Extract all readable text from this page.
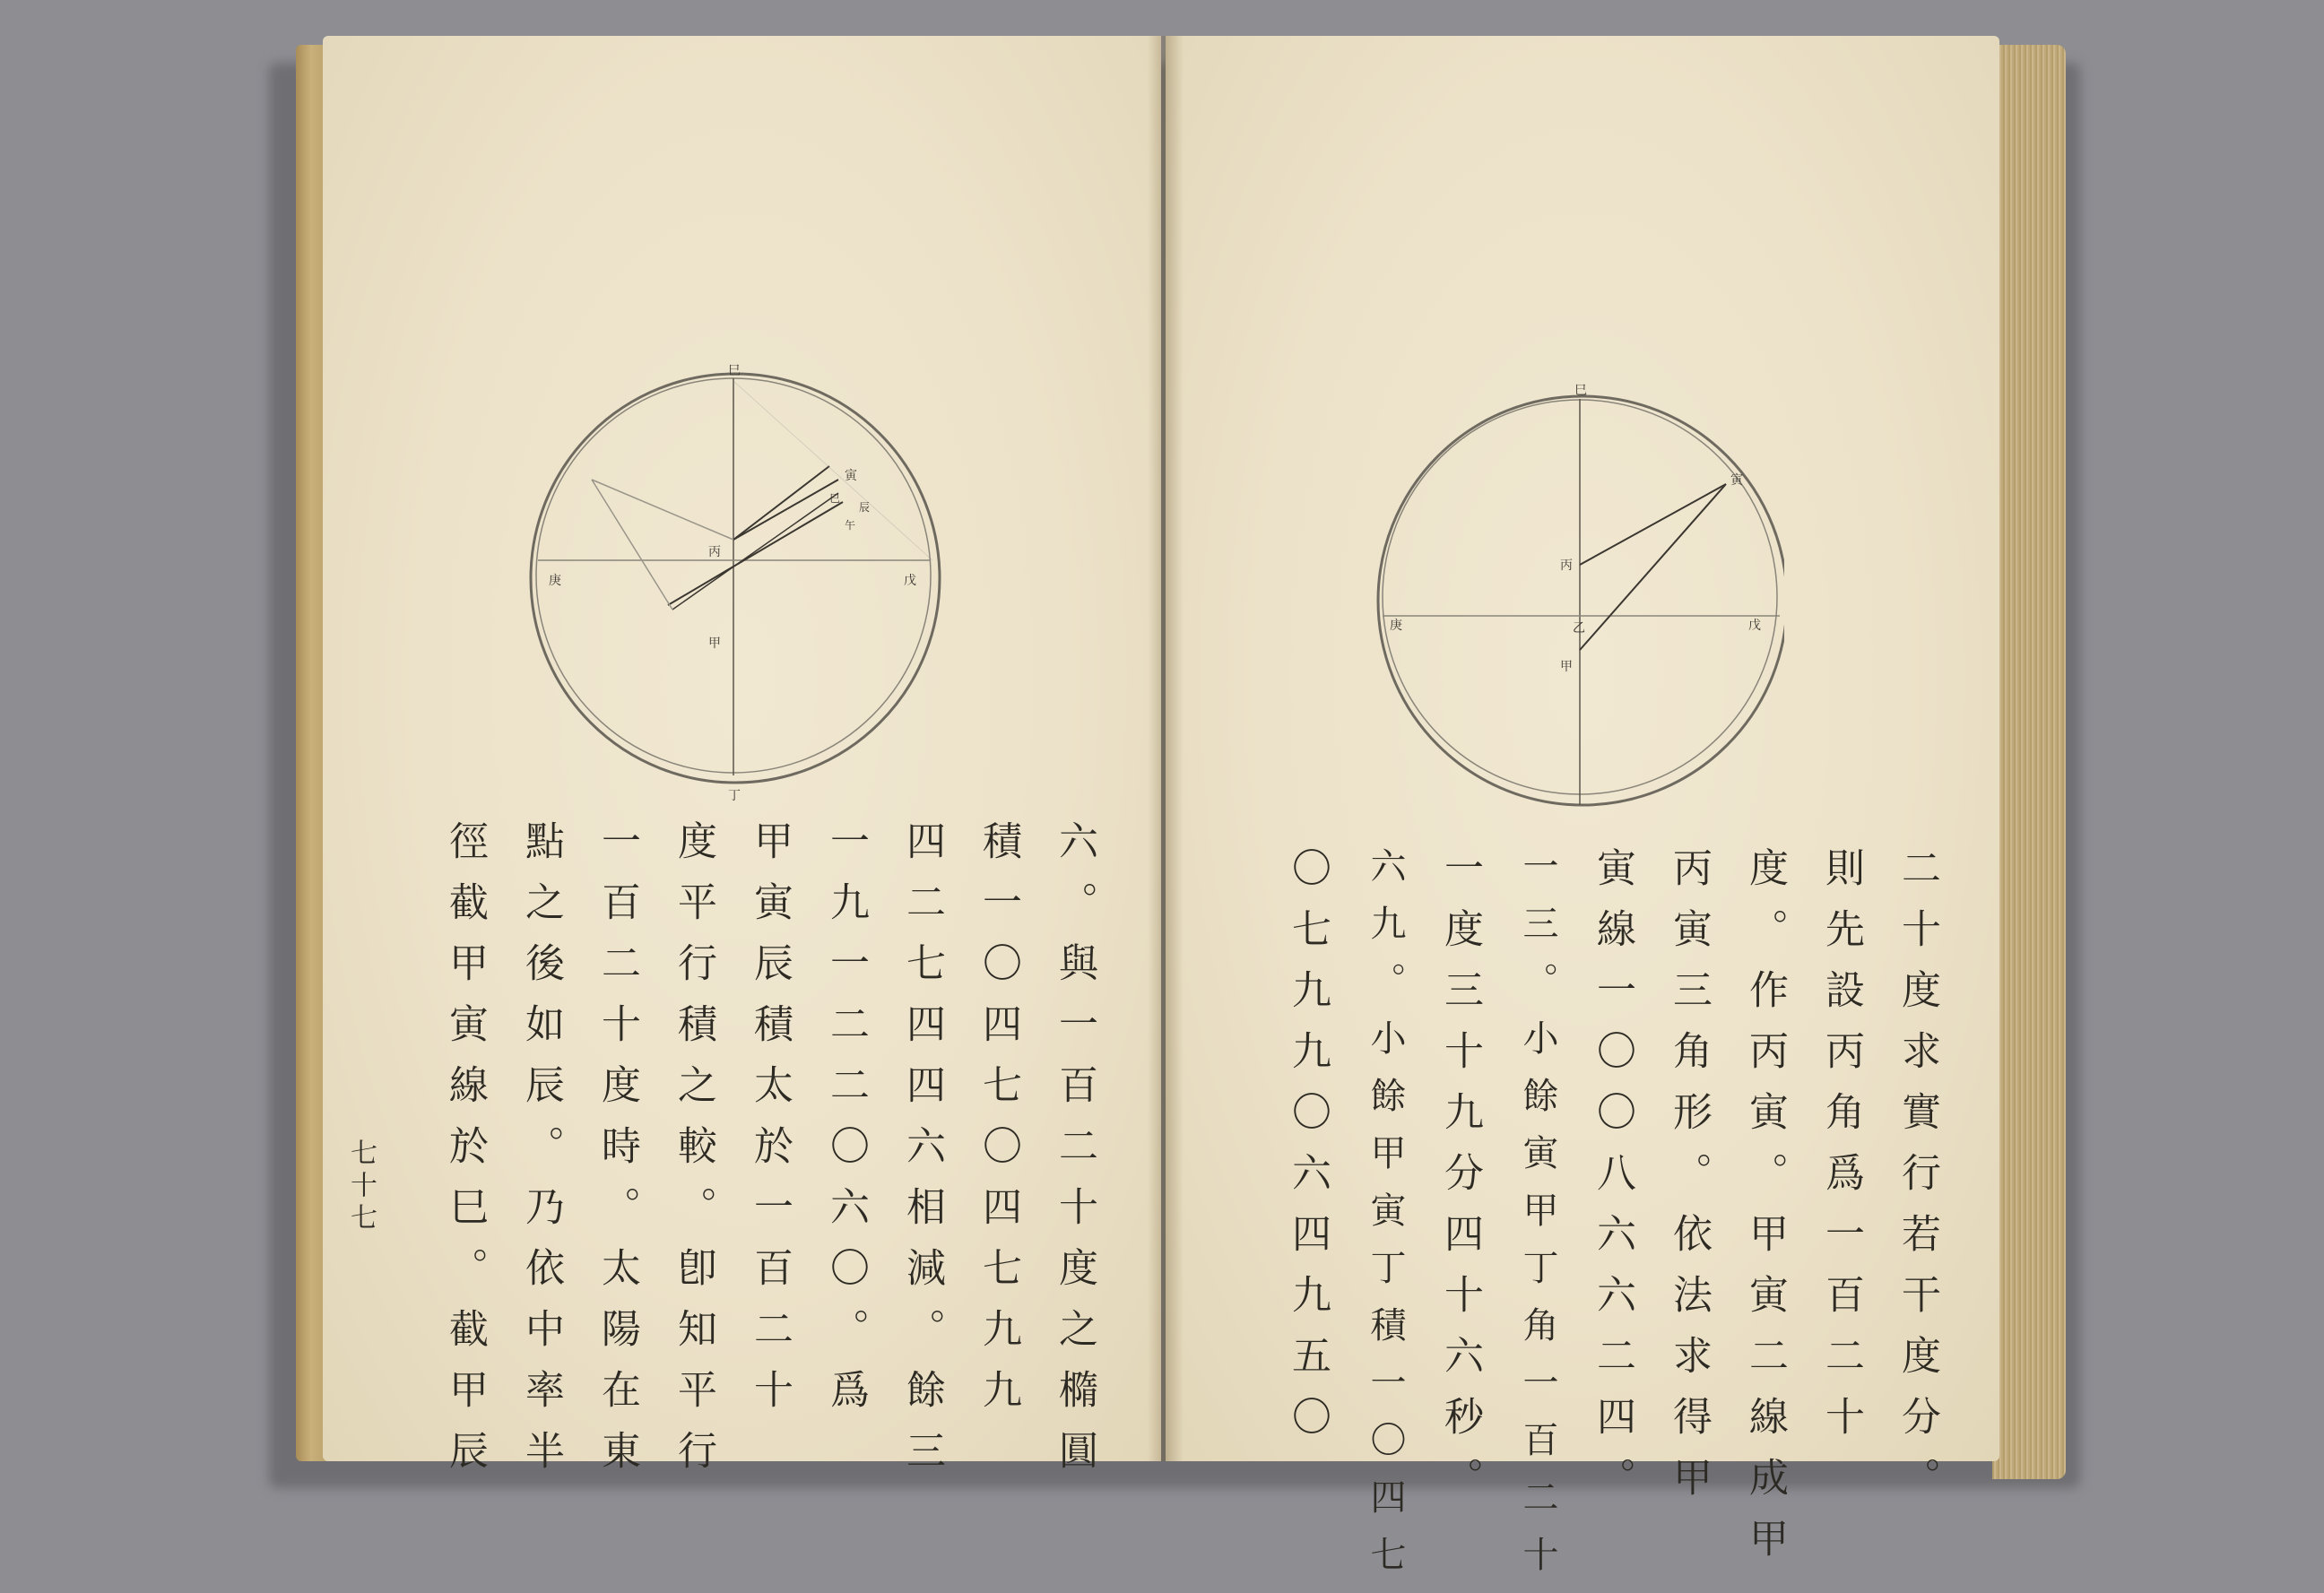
巳
丁
庚	戊
丙
甲
寅
巳
辰
午
六。與一百二十度之橢圓
積一〇四七〇四七九九
四二七四四六相減。餘三
一九一二二〇六〇。爲
甲寅辰積太於一百二十
度平行積之較。卽知平行
一百二十度時。太陽在東
點之後如辰。乃依中率半
徑截甲寅線於巳。截甲辰
七十七
巳
庚	戊
乙
丙
甲
寅
二十度求實行若干度分。
則先設丙角爲一百二十
度。作丙寅。甲寅二線成甲
丙寅三角形。依法求得甲
寅線一〇〇八六六二四。
一三。小餘寅甲丁角一百二十
一度三十九分四十六秒。
六九。小餘甲寅丁積一〇四七
〇七九九〇六四九五〇
